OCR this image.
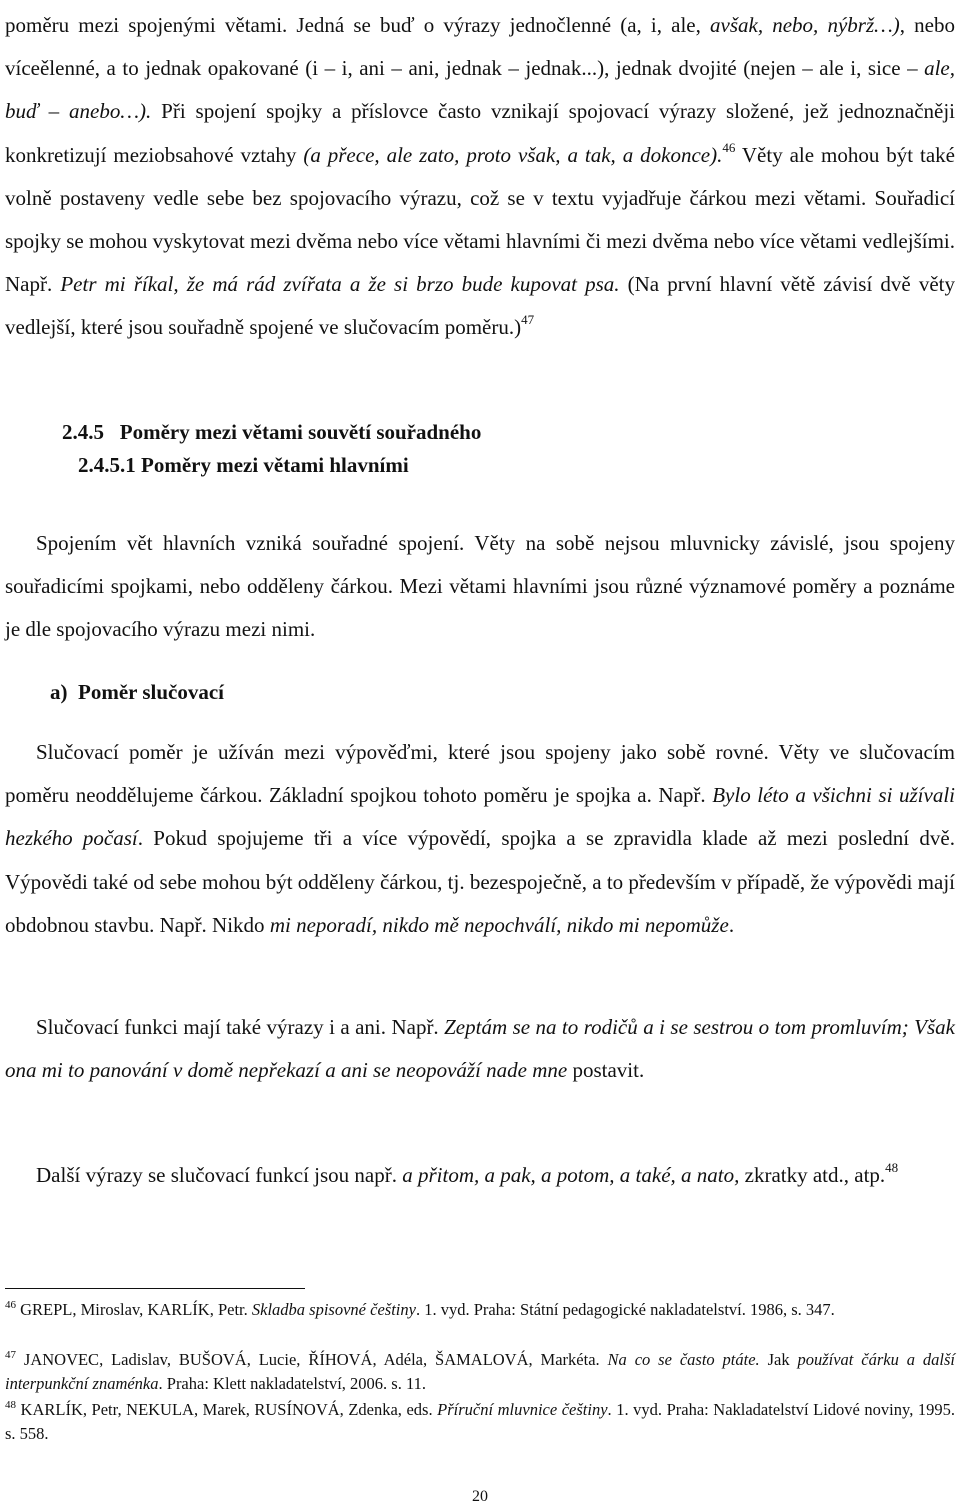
poměru mezi spojenými větami. Jedná se buď o výrazy jednočlenné (a, i, ale, avšak, nebo, nýbrž…), nebo víceělenné, a to jednak opakované (i – i, ani – ani, jednak – jednak...), jednak dvojité (nejen – ale i, sice – ale, buď – anebo…). Při spojení spojky a příslovce často vznikají spojovací výrazy složené, jež jednoznačněji konkretizují meziobsahové vztahy (a přece, ale zato, proto však, a tak, a dokonce).$^{46}$ Věty ale mohou být také volně postaveny vedle sebe bez spojovacího výrazu, což se v textu vyjadřuje čárkou mezi větami. Souřadicí spojky se mohou vyskytovat mezi dvěma nebo více větami hlavními či mezi dvěma nebo více větami vedlejšími. Např. Petr mi říkal, že má rád zvířata a že si brzo bude kupovat psa. (Na první hlavní větě závisí dvě věty vedlejší, které jsou souřadně spojené ve slučovacím poměru.)$^{47}$

2.4.5 Poměry mezi větami souvětí souřadného
2.4.5.1 Poměry mezi větami hlavními

Spojením vět hlavních vzniká souřadné spojení. Věty na sobě nejsou mluvnicky závislé, jsou spojeny souřadicími spojkami, nebo odděleny čárkou. Mezi větami hlavními jsou různé významové poměry a poznáme je dle spojovacího výrazu mezi nimi.

a) Poměr slučovací

Slučovací poměr je užíván mezi výpověďmi, které jsou spojeny jako sobě rovné. Věty ve slučovacím poměru neoddělujeme čárkou. Základní spojkou tohoto poměru je spojka a. Např. Bylo léto a všichni si užívali hezkého počasí. Pokud spojujeme tři a více výpovědí, spojka a se zpravidla klade až mezi poslední dvě. Výpovědi také od sebe mohou být odděleny čárkou, tj. bezespoječně, a to především v případě, že výpovědi mají obdobnou stavbu. Např. Nikdo mi neporadí, nikdo mě nepochválí, nikdo mi nepomůže.

Slučovací funkci mají také výrazy i a ani. Např. Zeptám se na to rodičů a i se sestrou o tom promluvím; Však ona mi to panování v domě nepřekazí a ani se neopováží nade mne postavit.

Další výrazy se slučovací funkcí jsou např. a přitom, a pak, a potom, a také, a nato, zkratky atd., atp.$^{48}$

$^{46}$ GREPL, Miroslav, KARLÍK, Petr. Skladba spisovné češtiny. 1. vyd. Praha: Státní pedagogické nakladatelství. 1986, s. 347.

$^{47}$ JANOVEC, Ladislav, BUŠOVÁ, Lucie, ŘÍHOVÁ, Adéla, ŠAMALOVÁ, Markéta. Na co se často ptáte. Jak používat čárku a další interpunkční znaménka. Praha: Klett nakladatelství, 2006. s. 11.

$^{48}$ KARLÍK, Petr, NEKULA, Marek, RUSÍNOVÁ, Zdenka, eds. Příruční mluvnice češtiny. 1. vyd. Praha: Nakladatelství Lidové noviny, 1995. s. 558.

20
